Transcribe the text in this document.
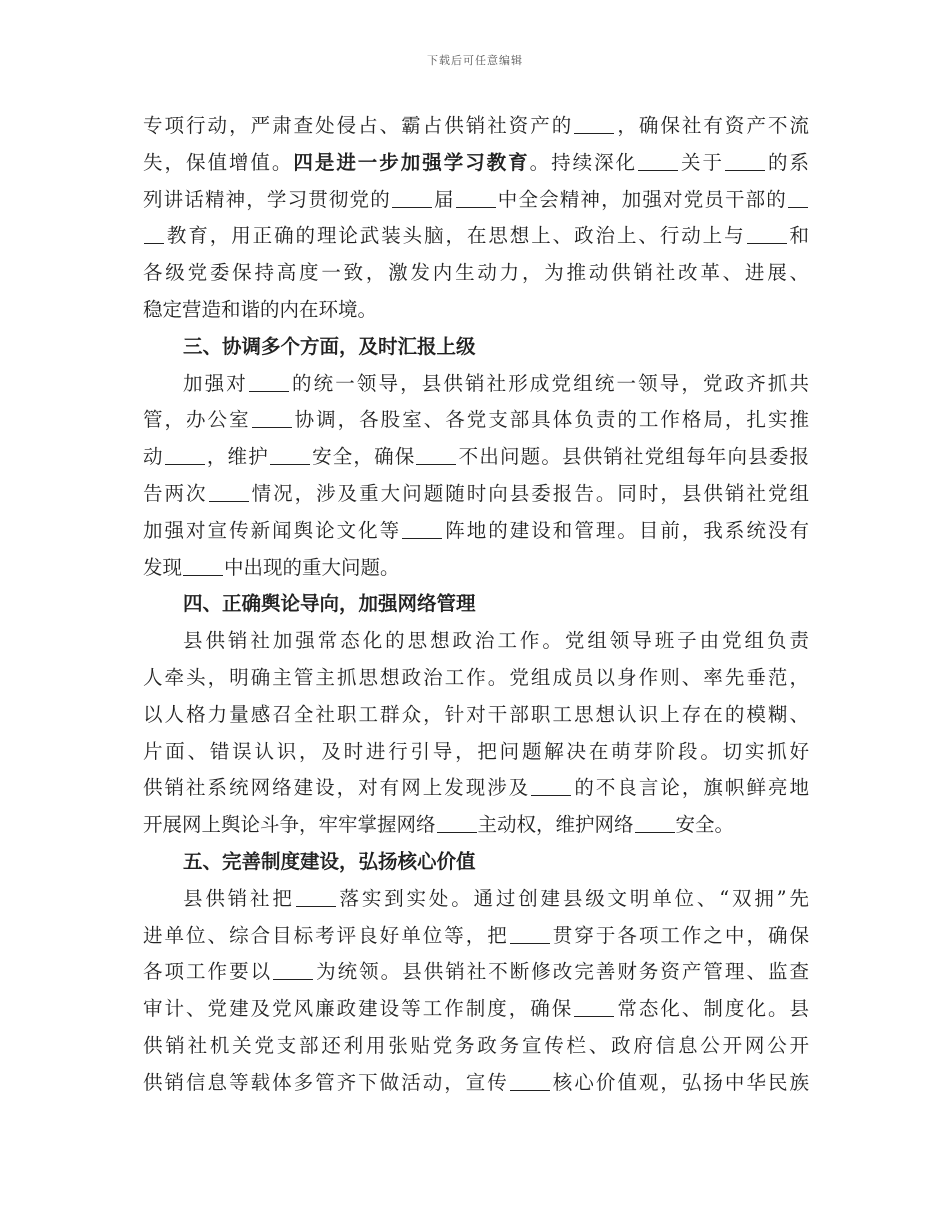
下载后可任意编辑
专项行动，严肃查处侵占、霸占供销社资产的 ，确保社有资产不流
失，保值增值。四是进一步加强学习教育。持续深化 关于 的系
列讲话精神，学习贯彻党的 届 中全会精神，加强对党员干部的
教育，用正确的理论武装头脑，在思想上、政治上、行动上与 和
各级党委保持高度一致，激发内生动力，为推动供销社改革、进展、
稳定营造和谐的内在环境。
三、协调多个方面，及时汇报上级
加强对 的统一领导，县供销社形成党组统一领导，党政齐抓共
管，办公室 协调，各股室、各党支部具体负责的工作格局，扎实推
动 ，维护 安全，确保 不出问题。县供销社党组每年向县委报
告两次 情况，涉及重大问题随时向县委报告。同时，县供销社党组
加强对宣传新闻舆论文化等 阵地的建设和管理。目前，我系统没有
发现 中出现的重大问题。
四、正确舆论导向，加强网络管理
县供销社加强常态化的思想政治工作。党组领导班子由党组负责
人牵头，明确主管主抓思想政治工作。党组成员以身作则、率先垂范，
以人格力量感召全社职工群众，针对干部职工思想认识上存在的模糊、
片面、错误认识，及时进行引导，把问题解决在萌芽阶段。切实抓好
供销社系统网络建设，对有网上发现涉及 的不良言论，旗帜鲜亮地
开展网上舆论斗争，牢牢掌握网络 主动权，维护网络 安全。
五、完善制度建设，弘扬核心价值
县供销社把 落实到实处。通过创建县级文明单位、“双拥”先
进单位、综合目标考评良好单位等，把 贯穿于各项工作之中，确保
各项工作要以 为统领。县供销社不断修改完善财务资产管理、监查
审计、党建及党风廉政建设等工作制度，确保 常态化、制度化。县
供销社机关党支部还利用张贴党务政务宣传栏、政府信息公开网公开
供销信息等载体多管齐下做活动，宣传 核心价值观，弘扬中华民族
